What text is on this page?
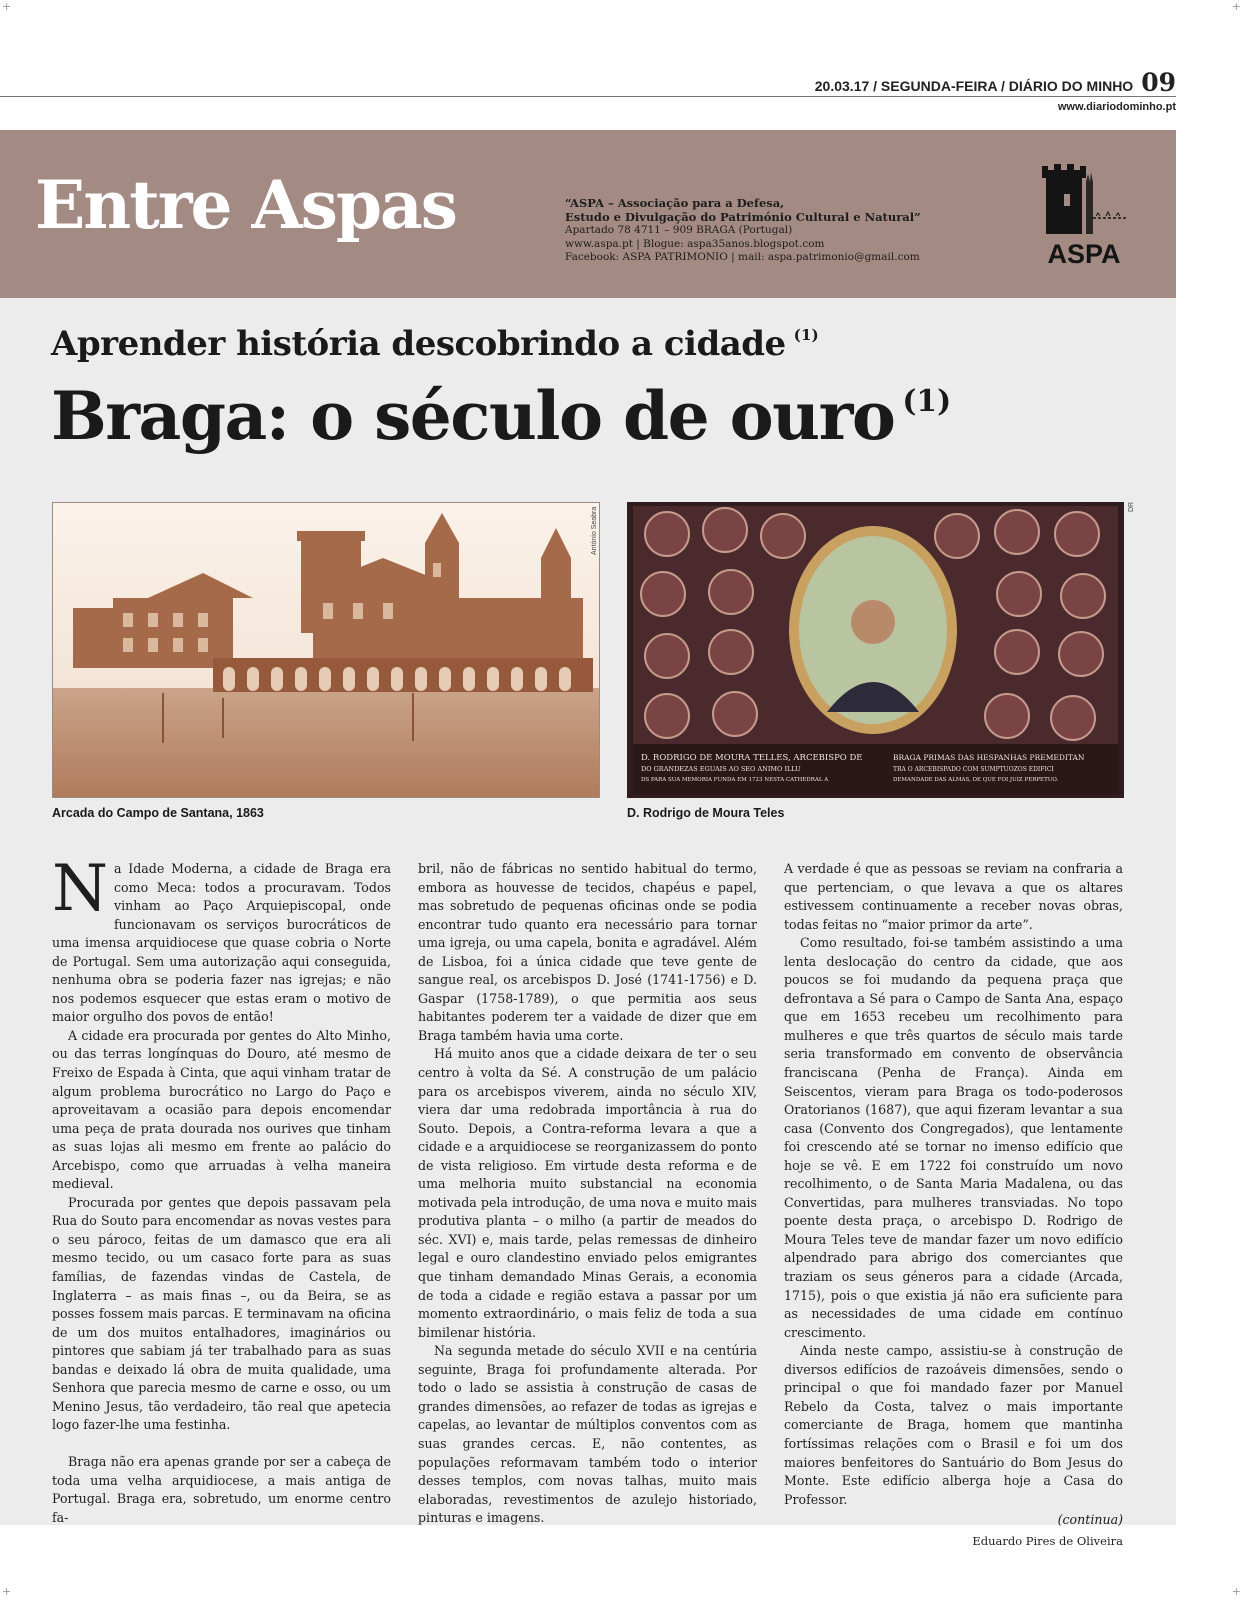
+	+
+	+
20.03.17 / SEGUNDA-FEIRA / DIÁRIO DO MINHO 09
www.diariodominho.pt
Entre Aspas	“ASPA – Associação para a Defesa,
Estudo e Divulgação do Património Cultural e Natural”
Apartado 78 4711 – 909 BRAGA (Portugal)
www.aspa.pt | Blogue: aspa35anos.blogspot.com
Facebook: ASPA PATRIMONIO | mail: aspa.patrimonio@gmail.com	ASPA
Aprender história descobrindo a cidade $^{(1)}$
Braga: o século de ouro $^{(1)}$
António Seabra
D. RODRIGO DE MOURA TELLES, ARCEBISPO DE
DO GRANDEZAS EGUAIS AO SEO ANIMO ILLU
DS PARA SUA MEMORIA FUNDA EM 1723 NESTA CATHEDRAL A
BRAGA PRIMAS DAS HESPANHAS PREMEDITAN
TRA O ARCEBISPADO COM SUMPTUOZOS EDIFICI
DEMANDADE DAS ALMAS, DE QUE FOI JUIZ PERPETUO.
DR
Arcada do Campo de Santana, 1863	D. Rodrigo de Moura Teles

Na Idade Moderna, a cidade de Braga era como Meca: todos a procuravam. Todos vinham ao Paço Arquiepiscopal, onde funcionavam os serviços burocráticos de uma imensa arquidiocese que quase cobria o Norte de Portugal. Sem uma autorização aqui conseguida, nenhuma obra se poderia fazer nas igrejas; e não nos podemos esquecer que estas eram o motivo de maior orgulho dos povos de então!

A cidade era procurada por gentes do Alto Minho, ou das terras longínquas do Douro, até mesmo de Freixo de Espada à Cinta, que aqui vinham tratar de algum problema burocrático no Largo do Paço e aproveitavam a ocasião para depois encomendar uma peça de prata dourada nos ourives que tinham as suas lojas ali mesmo em frente ao palácio do Arcebispo, como que arruadas à velha maneira medieval.

Procurada por gentes que depois passavam pela Rua do Souto para encomendar as novas vestes para o seu pároco, feitas de um damasco que era ali mesmo tecido, ou um casaco forte para as suas famílias, de fazendas vindas de Castela, de Inglaterra – as mais finas –, ou da Beira, se as posses fossem mais parcas. E terminavam na oficina de um dos muitos entalhadores, imaginários ou pintores que sabiam já ter trabalhado para as suas bandas e deixado lá obra de muita qualidade, uma Senhora que parecia mesmo de carne e osso, ou um Menino Jesus, tão verdadeiro, tão real que apetecia logo fazer-lhe uma festinha.

Braga não era apenas grande por ser a cabeça de toda uma velha arquidiocese, a mais antiga de Portugal. Braga era, sobretudo, um enorme centro fa-

bril, não de fábricas no sentido habitual do termo, embora as houvesse de tecidos, chapéus e papel, mas sobretudo de pequenas oficinas onde se podia encontrar tudo quanto era necessário para tornar uma igreja, ou uma capela, bonita e agradável. Além de Lisboa, foi a única cidade que teve gente de sangue real, os arcebispos D. José (1741-1756) e D. Gaspar (1758-1789), o que permitia aos seus habitantes poderem ter a vaidade de dizer que em Braga também havia uma corte.

Há muito anos que a cidade deixara de ter o seu centro à volta da Sé. A construção de um palácio para os arcebispos viverem, ainda no século XIV, viera dar uma redobrada importância à rua do Souto. Depois, a Contra-reforma levara a que a cidade e a arquidiocese se reorganizassem do ponto de vista religioso. Em virtude desta reforma e de uma melhoria muito substancial na economia motivada pela introdução, de uma nova e muito mais produtiva planta – o milho (a partir de meados do séc. XVI) e, mais tarde, pelas remessas de dinheiro legal e ouro clandestino enviado pelos emigrantes que tinham demandado Minas Gerais, a economia de toda a cidade e região estava a passar por um momento extraordinário, o mais feliz de toda a sua bimilenar história.

Na segunda metade do século XVII e na centúria seguinte, Braga foi profundamente alterada. Por todo o lado se assistia à construção de casas de grandes dimensões, ao refazer de todas as igrejas e capelas, ao levantar de múltiplos conventos com as suas grandes cercas. E, não contentes, as populações reformavam também todo o interior desses templos, com novas talhas, muito mais elaboradas, revestimentos de azulejo historiado, pinturas e imagens.

A verdade é que as pessoas se reviam na confraria a que pertenciam, o que levava a que os altares estivessem continuamente a receber novas obras, todas feitas no “maior primor da arte”.

Como resultado, foi-se também assistindo a uma lenta deslocação do centro da cidade, que aos poucos se foi mudando da pequena praça que defrontava a Sé para o Campo de Santa Ana, espaço que em 1653 recebeu um recolhimento para mulheres e que três quartos de século mais tarde seria transformado em convento de observância franciscana (Penha de França). Ainda em Seiscentos, vieram para Braga os todo-poderosos Oratorianos (1687), que aqui fizeram levantar a sua casa (Convento dos Congregados), que lentamente foi crescendo até se tornar no imenso edifício que hoje se vê. E em 1722 foi construído um novo recolhimento, o de Santa Maria Madalena, ou das Convertidas, para mulheres transviadas. No topo poente desta praça, o arcebispo D. Rodrigo de Moura Teles teve de mandar fazer um novo edifício alpendrado para abrigo dos comerciantes que traziam os seus géneros para a cidade (Arcada, 1715), pois o que existia já não era suficiente para as necessidades de uma cidade em contínuo crescimento.

Ainda neste campo, assistiu-se à construção de diversos edifícios de razoáveis dimensões, sendo o principal o que foi mandado fazer por Manuel Rebelo da Costa, talvez o mais importante comerciante de Braga, homem que mantinha fortíssimas relações com o Brasil e foi um dos maiores benfeitores do Santuário do Bom Jesus do Monte. Este edifício alberga hoje a Casa do Professor.

(continua)
Eduardo Pires de Oliveira
